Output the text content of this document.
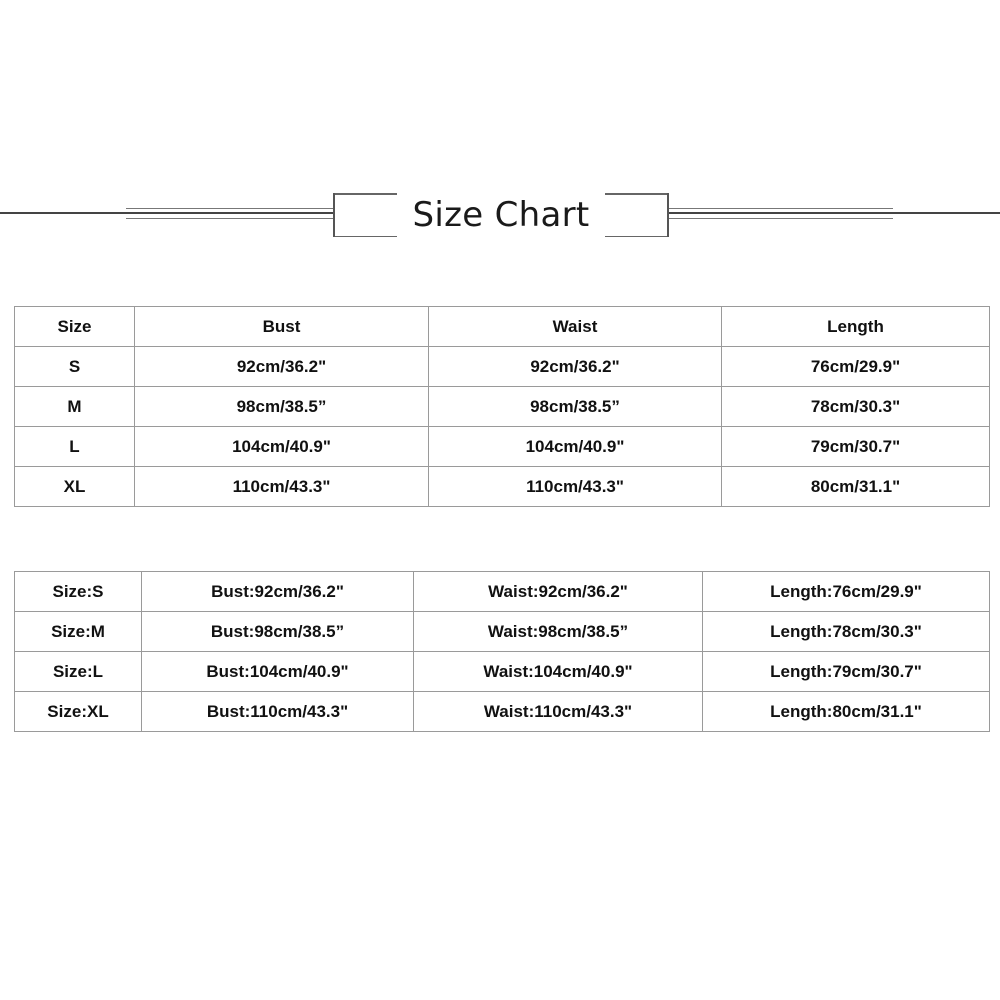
Size Chart
Size	Bust	Waist	Length
S	92cm/36.2"	92cm/36.2"	76cm/29.9"
M	98cm/38.5”	98cm/38.5”	78cm/30.3"
L	104cm/40.9"	104cm/40.9"	79cm/30.7"
XL	110cm/43.3"	110cm/43.3"	80cm/31.1"
Size:S	Bust:92cm/36.2"	Waist:92cm/36.2"	Length:76cm/29.9"
Size:M	Bust:98cm/38.5”	Waist:98cm/38.5”	Length:78cm/30.3"
Size:L	Bust:104cm/40.9"	Waist:104cm/40.9"	Length:79cm/30.7"
Size:XL	Bust:110cm/43.3"	Waist:110cm/43.3"	Length:80cm/31.1"
